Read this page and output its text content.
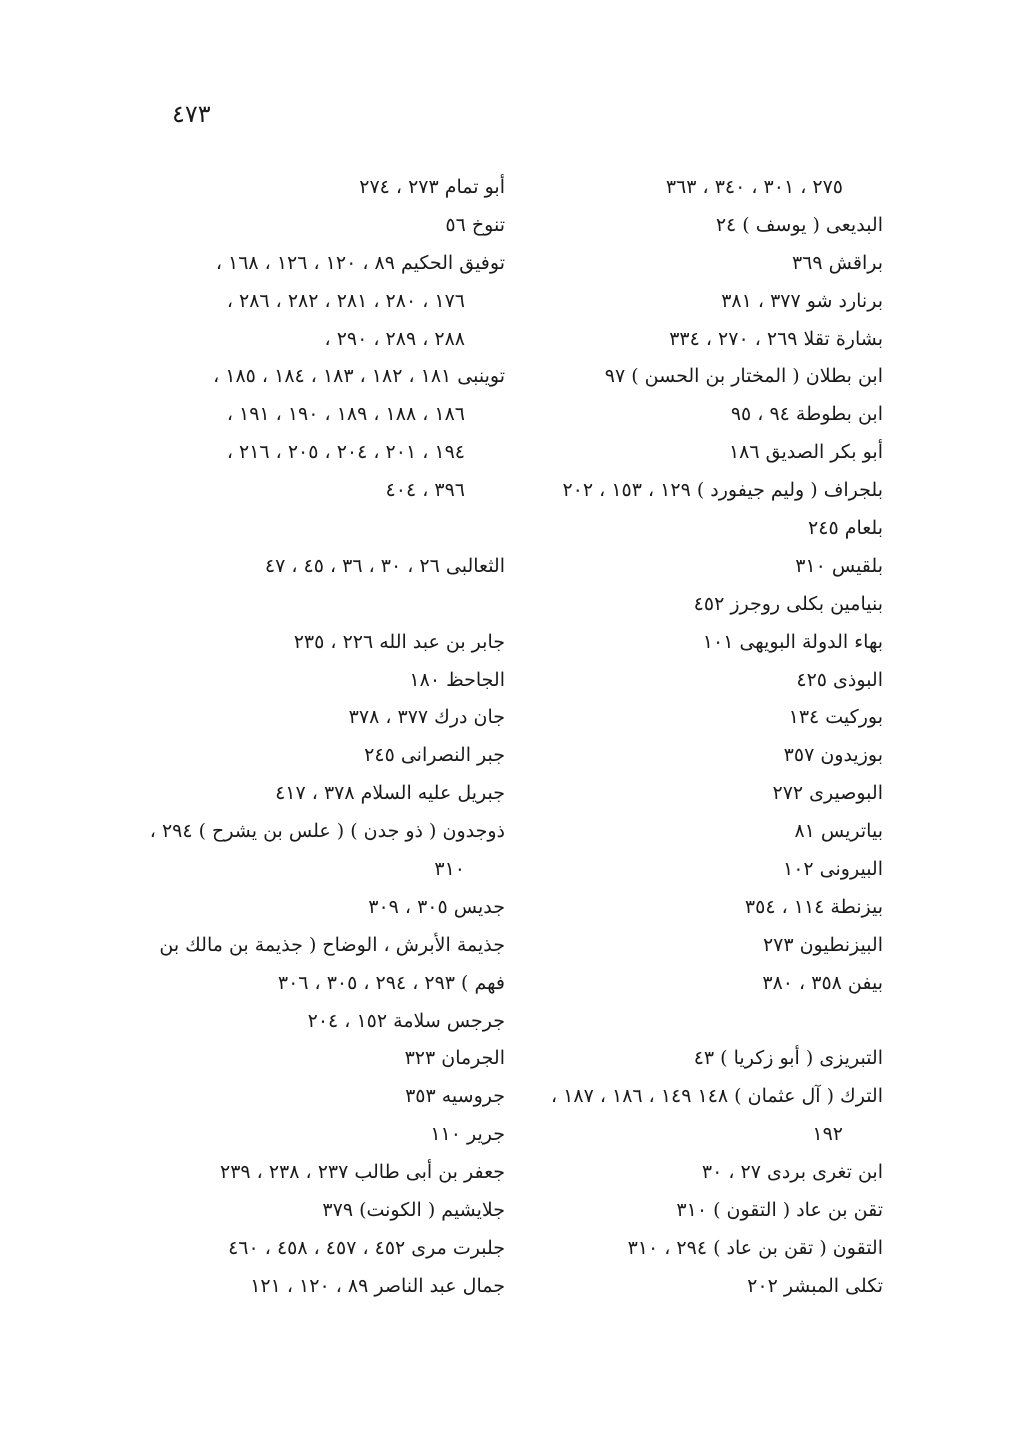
٤٧٣
٢٧٥ ، ٣٠١ ، ٣٤٠ ، ٣٦٣
البديعى ( يوسف ) ٢٤
براقش ٣٦٩
برنارد شو ٣٧٧ ، ٣٨١
بشارة تقلا ٢٦٩ ، ٢٧٠ ، ٣٣٤
ابن بطلان ( المختار بن الحسن ) ٩٧
ابن بطوطة ٩٤ ، ٩٥
أبو بكر الصديق ١٨٦
بلجراف ( وليم جيفورد ) ١٢٩ ، ١٥٣ ، ٢٠٢
بلعام ٢٤٥
بلقيس ٣١٠
بنيامين بكلى روجرز ٤٥٢
بهاء الدولة البويهى ١٠١
البوذى ٤٢٥
بوركيت ١٣٤
بوزيدون ٣٥٧
البوصيرى ٢٧٢
بياتريس ٨١
البيرونى ١٠٢
بيزنطة ١١٤ ، ٣٥٤
البيزنطيون ٢٧٣
بيفن ٣٥٨ ، ٣٨٠
التبريزى ( أبو زكريا ) ٤٣
الترك ( آل عثمان ) ١٤٨ ١٤٩ ، ١٨٦ ، ١٨٧ ،
١٩٢
ابن تغرى بردى ٢٧ ، ٣٠
تقن بن عاد ( التقون ) ٣١٠
التقون ( تقن بن عاد ) ٢٩٤ ، ٣١٠
تكلى المبشر ٢٠٢
أبو تمام ٢٧٣ ، ٢٧٤
تنوخ ٥٦
توفيق الحكيم ٨٩ ، ١٢٠ ، ١٢٦ ، ١٦٨ ،
١٧٦ ، ٢٨٠ ، ٢٨١ ، ٢٨٢ ، ٢٨٦ ،
٢٨٨ ، ٢٨٩ ، ٢٩٠ ،
توينبى ١٨١ ، ١٨٢ ، ١٨٣ ، ١٨٤ ، ١٨٥ ،
١٨٦ ، ١٨٨ ، ١٨٩ ، ١٩٠ ، ١٩١ ،
١٩٤ ، ٢٠١ ، ٢٠٤ ، ٢٠٥ ، ٢١٦ ،
٣٩٦ ، ٤٠٤
الثعالبى ٢٦ ، ٣٠ ، ٣٦ ، ٤٥ ، ٤٧
جابر بن عبد الله ٢٢٦ ، ٢٣٥
الجاحظ ١٨٠
جان درك ٣٧٧ ، ٣٧٨
جبر النصرانى ٢٤٥
جبريل عليه السلام ٣٧٨ ، ٤١٧
ذوجدون ( ذو جدن ) ( علس بن يشرح ) ٢٩٤ ،
٣١٠
جديس ٣٠٥ ، ٣٠٩
جذيمة الأبرش ، الوضاح ( جذيمة بن مالك بن
فهم ) ٢٩٣ ، ٢٩٤ ، ٣٠٥ ، ٣٠٦
جرجس سلامة ١٥٢ ، ٢٠٤
الجرمان ٣٢٣
جروسيه ٣٥٣
جرير ١١٠
جعفر بن أبى طالب ٢٣٧ ، ٢٣٨ ، ٢٣٩
جلايشيم ( الكونت) ٣٧٩
جلبرت مرى ٤٥٢ ، ٤٥٧ ، ٤٥٨ ، ٤٦٠
جمال عبد الناصر ٨٩ ، ١٢٠ ، ١٢١
